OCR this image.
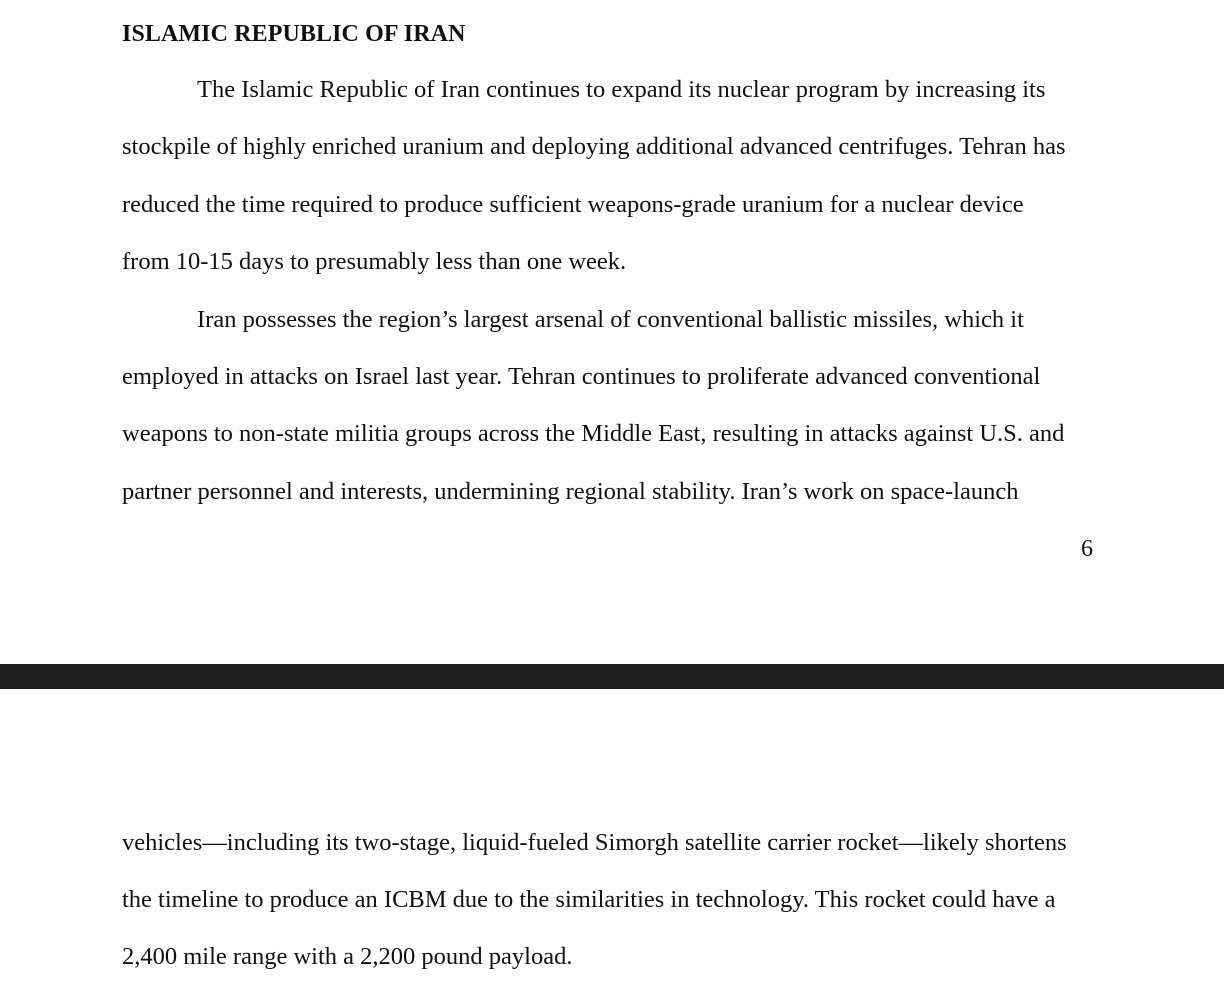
ISLAMIC REPUBLIC OF IRAN
The Islamic Republic of Iran continues to expand its nuclear program by increasing its
stockpile of highly enriched uranium and deploying additional advanced centrifuges. Tehran has
reduced the time required to produce sufficient weapons-grade uranium for a nuclear device
from 10-15 days to presumably less than one week.
Iran possesses the region’s largest arsenal of conventional ballistic missiles, which it
employed in attacks on Israel last year. Tehran continues to proliferate advanced conventional
weapons to non-state militia groups across the Middle East, resulting in attacks against U.S. and
partner personnel and interests, undermining regional stability. Iran’s work on space-launch
6
vehicles—including its two-stage, liquid-fueled Simorgh satellite carrier rocket—likely shortens
the timeline to produce an ICBM due to the similarities in technology. This rocket could have a
2,400 mile range with a 2,200 pound payload.
